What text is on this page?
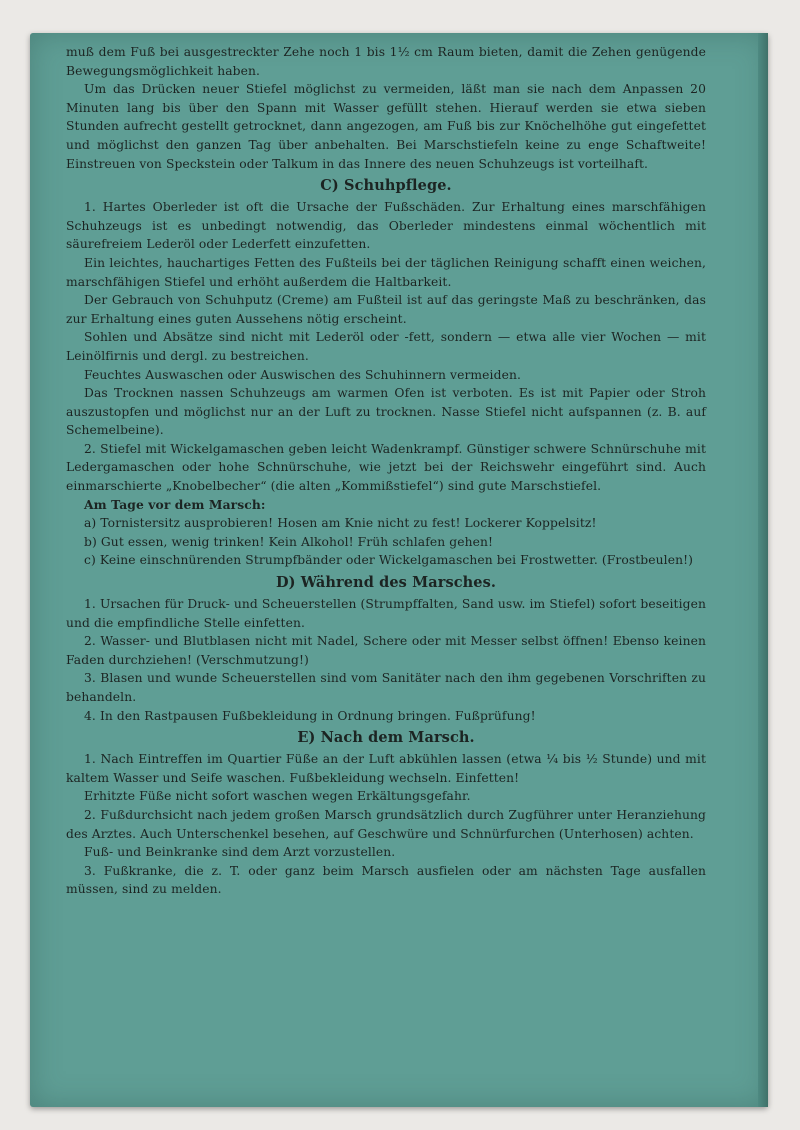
muß dem Fuß bei ausgestreckter Zehe noch 1 bis 1½ cm Raum bieten, damit die Zehen genügende Bewegungsmöglichkeit haben.

Um das Drücken neuer Stiefel möglichst zu vermeiden, läßt man sie nach dem Anpassen 20 Minuten lang bis über den Spann mit Wasser gefüllt stehen. Hierauf werden sie etwa sieben Stunden aufrecht gestellt getrocknet, dann angezogen, am Fuß bis zur Knöchelhöhe gut eingefettet und möglichst den ganzen Tag über anbehalten. Bei Marschstiefeln keine zu enge Schaftweite! Einstreuen von Speckstein oder Talkum in das Innere des neuen Schuhzeugs ist vorteilhaft.

C) Schuhpflege.

1. Hartes Oberleder ist oft die Ursache der Fußschäden. Zur Erhaltung eines marschfähigen Schuhzeugs ist es unbedingt notwendig, das Oberleder mindestens einmal wöchentlich mit säurefreiem Lederöl oder Lederfett einzufetten.

Ein leichtes, hauchartiges Fetten des Fußteils bei der täglichen Reinigung schafft einen weichen, marschfähigen Stiefel und erhöht außerdem die Haltbarkeit.

Der Gebrauch von Schuhputz (Creme) am Fußteil ist auf das geringste Maß zu beschränken, das zur Erhaltung eines guten Aussehens nötig erscheint.

Sohlen und Absätze sind nicht mit Lederöl oder -fett, sondern — etwa alle vier Wochen — mit Leinölfirnis und dergl. zu bestreichen.

Feuchtes Auswaschen oder Auswischen des Schuhinnern vermeiden.

Das Trocknen nassen Schuhzeugs am warmen Ofen ist verboten. Es ist mit Papier oder Stroh auszustopfen und möglichst nur an der Luft zu trocknen. Nasse Stiefel nicht aufspannen (z. B. auf Schemelbeine).

2. Stiefel mit Wickelgamaschen geben leicht Wadenkrampf. Günstiger schwere Schnürschuhe mit Ledergamaschen oder hohe Schnürschuhe, wie jetzt bei der Reichswehr eingeführt sind. Auch einmarschierte „Knobelbecher“ (die alten „Kommißstiefel“) sind gute Marschstiefel.

Am Tage vor dem Marsch:

a) Tornistersitz ausprobieren! Hosen am Knie nicht zu fest! Lockerer Koppelsitz!

b) Gut essen, wenig trinken! Kein Alkohol! Früh schlafen gehen!

c) Keine einschnürenden Strumpfbänder oder Wickelgamaschen bei Frostwetter. (Frostbeulen!)

D) Während des Marsches.

1. Ursachen für Druck- und Scheuerstellen (Strumpffalten, Sand usw. im Stiefel) sofort beseitigen und die empfindliche Stelle einfetten.

2. Wasser- und Blutblasen nicht mit Nadel, Schere oder mit Messer selbst öffnen! Ebenso keinen Faden durchziehen! (Verschmutzung!)

3. Blasen und wunde Scheuerstellen sind vom Sanitäter nach den ihm gegebenen Vorschriften zu behandeln.

4. In den Rastpausen Fußbekleidung in Ordnung bringen. Fußprüfung!

E) Nach dem Marsch.

1. Nach Eintreffen im Quartier Füße an der Luft abkühlen lassen (etwa ¼ bis ½ Stunde) und mit kaltem Wasser und Seife waschen. Fußbekleidung wechseln. Einfetten!

Erhitzte Füße nicht sofort waschen wegen Erkältungsgefahr.

2. Fußdurchsicht nach jedem großen Marsch grundsätzlich durch Zugführer unter Heranziehung des Arztes. Auch Unterschenkel besehen, auf Geschwüre und Schnürfurchen (Unterhosen) achten.

Fuß- und Beinkranke sind dem Arzt vorzustellen.

3. Fußkranke, die z. T. oder ganz beim Marsch ausfielen oder am nächsten Tage ausfallen müssen, sind zu melden.
